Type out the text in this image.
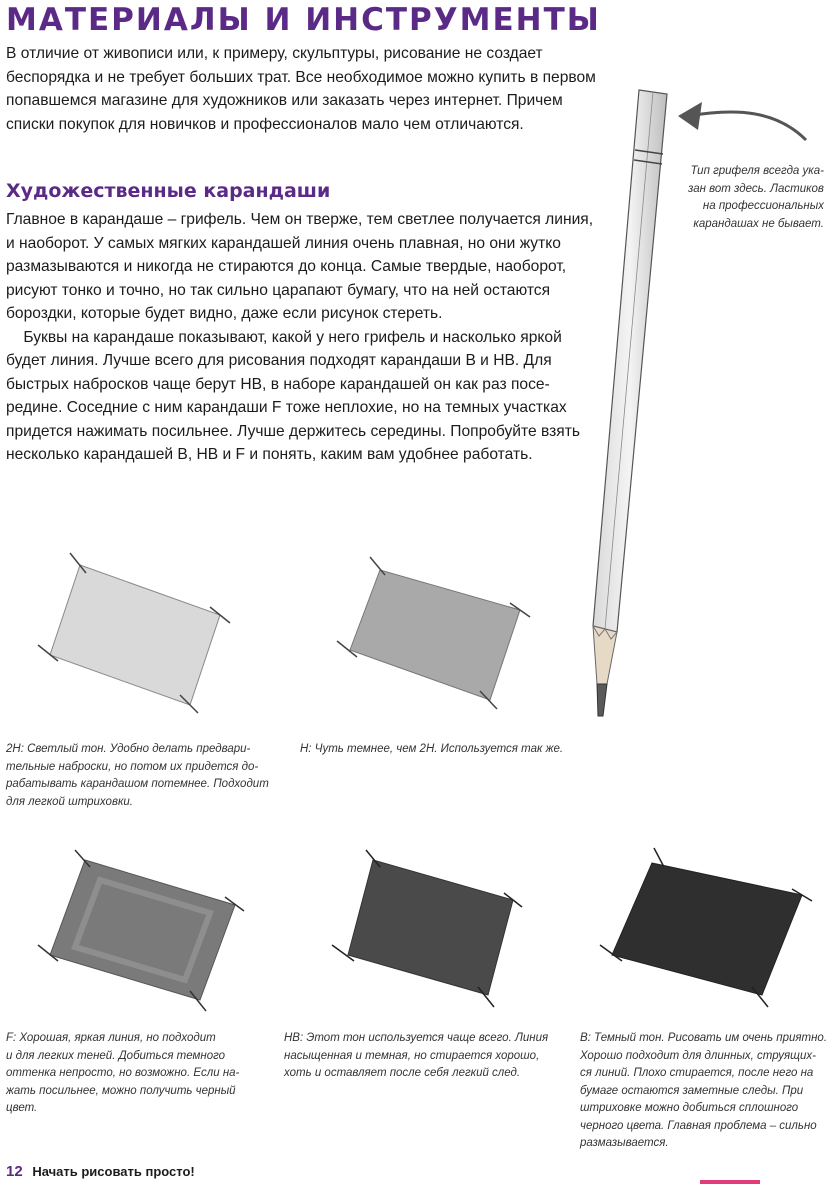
МАТЕРИАЛЫ И ИНСТРУМЕНТЫ
В отличие от живописи или, к примеру, скульптуры, рисование не создает
беспорядка и не требует больших трат. Все необходимое можно купить в первом
попавшемся магазине для художников или заказать через интернет. Причем
списки покупок для новичков и профессионалов мало чем отличаются.
Художественные карандаши
Главное в карандаше – грифель. Чем он тверже, тем светлее получается линия,
и наоборот. У самых мягких карандашей линия очень плавная, но они жутко
размазываются и никогда не стираются до конца. Самые твердые, наоборот,
рисуют тонко и точно, но так сильно царапают бумагу, что на ней остаются
бороздки, которые будет видно, даже если рисунок стереть.
Буквы на карандаше показывают, какой у него грифель и насколько яркой
будет линия. Лучше всего для рисования подходят карандаши B и HB. Для
быстрых набросков чаще берут HB, в наборе карандашей он как раз посе-
редине. Соседние с ним карандаши F тоже неплохие, но на темных участках
придется нажимать посильнее. Лучше держитесь середины. Попробуйте взять
несколько карандашей B, HB и F и понять, каким вам удобнее работать.
Тип грифеля всегда ука-
зан вот здесь. Ластиков
на профессиональных
карандашах не бывает.
2H: Светлый тон. Удобно делать предвари-
тельные наброски, но потом их придется до-
рабатывать карандашом потемнее. Подходит
для легкой штриховки.
H: Чуть темнее, чем 2H. Используется так же.
F: Хорошая, яркая линия, но подходит
и для легких теней. Добиться темного
оттенка непросто, но возможно. Если на-
жать посильнее, можно получить черный
цвет.
HB: Этот тон используется чаще всего. Линия
насыщенная и темная, но стирается хорошо,
хоть и оставляет после себя легкий след.
B: Темный тон. Рисовать им очень приятно.
Хорошо подходит для длинных, струящих-
ся линий. Плохо стирается, после него на
бумаге остаются заметные следы. При
штриховке можно добиться сплошного
черного цвета. Главная проблема – сильно
размазывается.
12 Начать рисовать просто!
